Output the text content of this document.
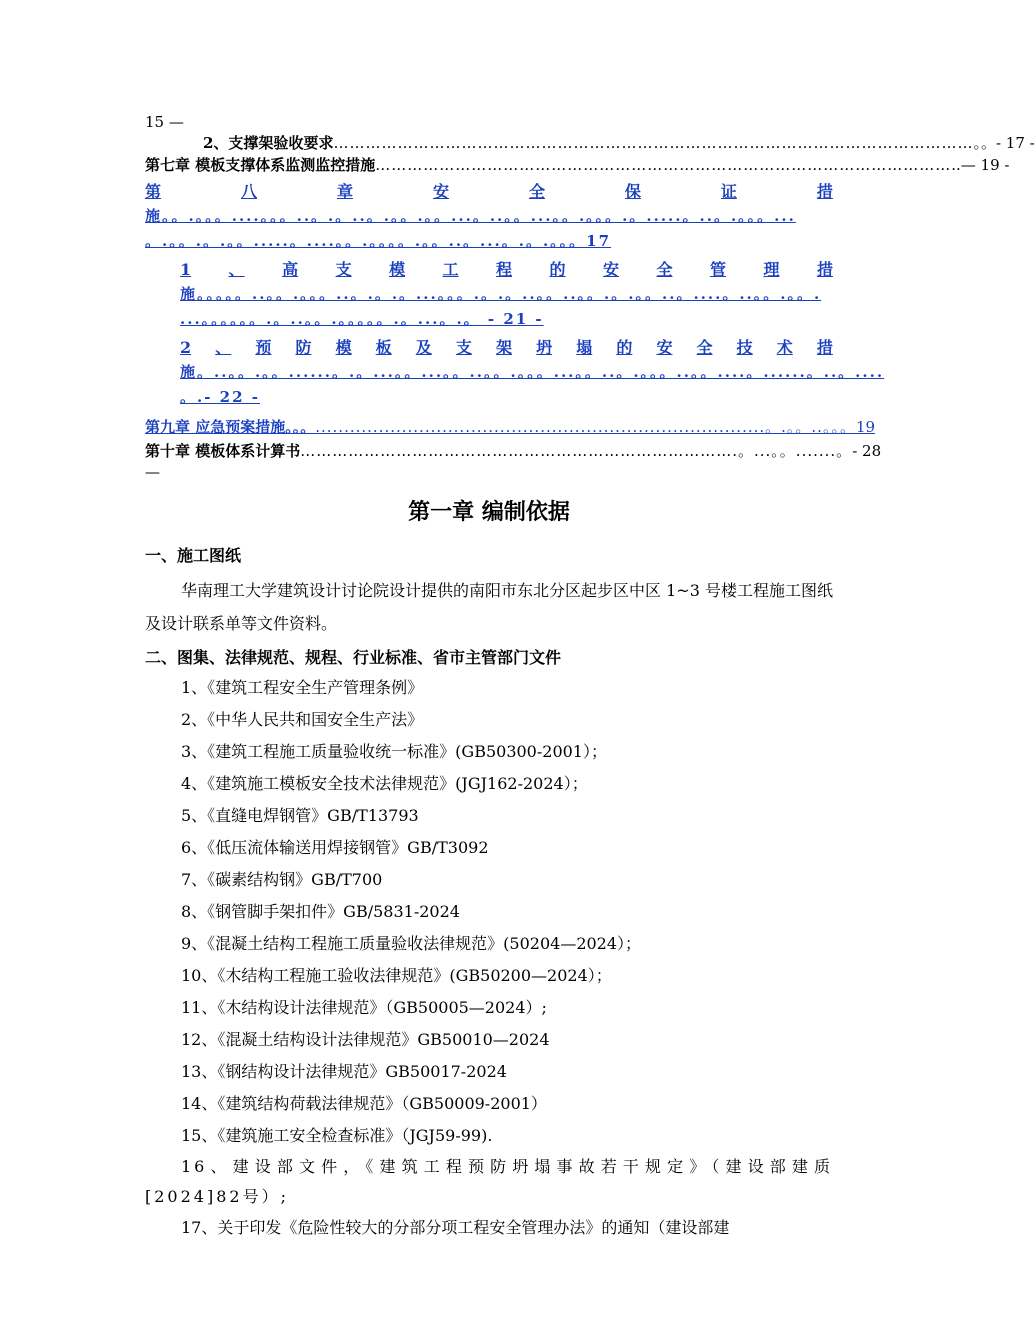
15 —
2、支撑架验收要求 ………………………………………………………………………………………………………… 。。- 17 -
第七章 模板支撑体系监测监控措施 ……………………………………………………………………………………………… ..— 19 -
第	八	章	安	全	保	证	措
施。。.。。。....。。。..。.。..。.。。.。。...。..。。...。。.。。。.。.....。..。.。。。...
。.。。.。.。。.....。....。。.。。。。.。。..。...。.。.。。。17
1 、 高 支 模 工 程 的 安 全 管 理 措
施。。。。。..。。.。。。..。.。.。...。。。.。.。..。。..。。.。.。。..。....。..。。.。。.
...。。。。。。.。..。。.。。。。。.。...。.。 - 21 -
2 、 预 防 模 板 及 支 架 坍 塌 的 安 全 技 术 措
施。..。。.。。......。.。...。。...。。..。。.。。。...。。..。.。。。..。。....。......。..。....
。.- 22 -
第九章 应急预案措施。。。 ..............................................................................。.。。..。。。 19
第十章 模板体系计算书 ……………………………………………………………………….。...。。.......。 - 28
—
第一章 编制依据
一、施工图纸
华南理工大学建筑设计讨论院设计提供的南阳市东北分区起步区中区 1~3 号楼工程施工图纸及设计联系单等文件资料。
二、图集、法律规范、规程、行业标准、省市主管部门文件
1、《建筑工程安全生产管理条例》
2、《中华人民共和国安全生产法》
3、《建筑工程施工质量验收统一标准》(GB50300-2001）；
4、《建筑施工模板安全技术法律规范》(JGJ162-2024）；
5、《直缝电焊钢管》GB/T13793
6、《低压流体输送用焊接钢管》GB/T3092
7、《碳素结构钢》GB/T700
8、《钢管脚手架扣件》GB/5831-2024
9、《混凝土结构工程施工质量验收法律规范》(50204—2024）；
10、《木结构工程施工验收法律规范》(GB50200—2024）；
11、《木结构设计法律规范》（GB50005—2024）;
12、《混凝土结构设计法律规范》GB50010—2024
13、《钢结构设计法律规范》GB50017-2024
14、《建筑结构荷载法律规范》（GB50009-2001）
15、《建筑施工安全检查标准》（JGJ59-99).
16、建设部文件，《建筑工程预防坍塌事故若干规定》（建设部建质[2024]82号）;
17、关于印发《危险性较大的分部分项工程安全管理办法》的通知（建设部建
